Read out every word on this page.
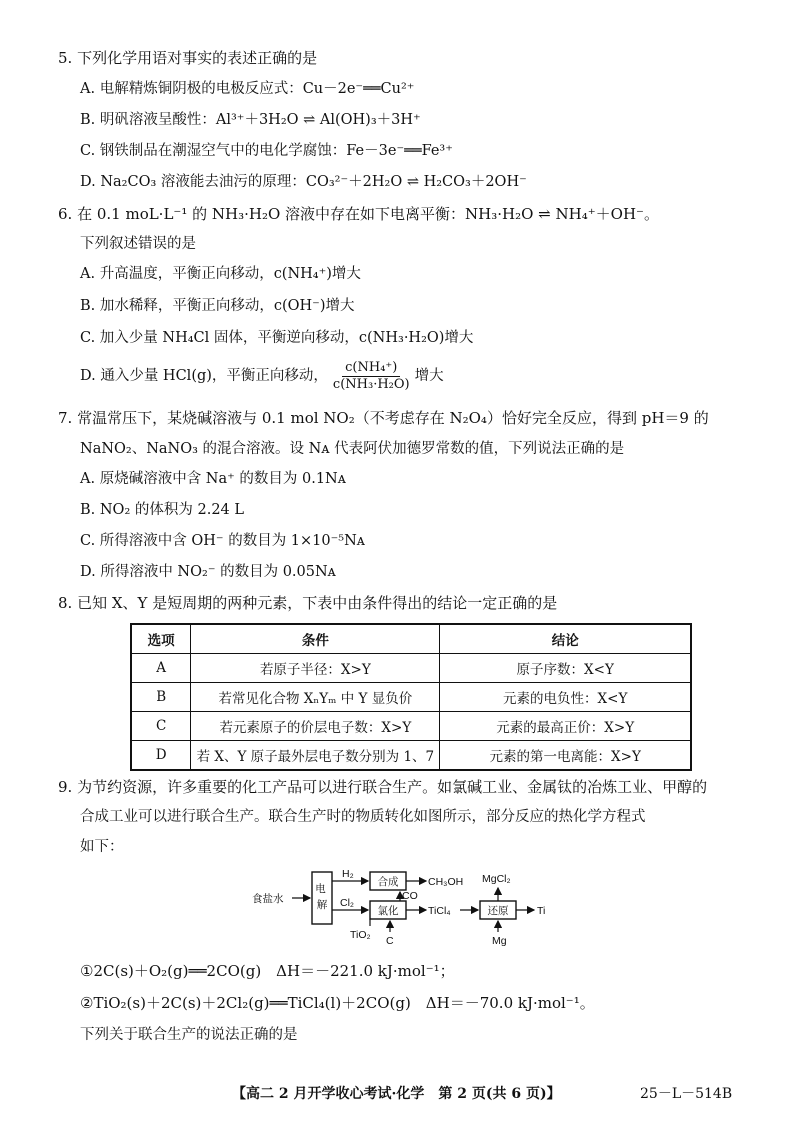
5. 下列化学用语对事实的表述正确的是
A. 电解精炼铜阴极的电极反应式：Cu－2e⁻══Cu²⁺
B. 明矾溶液呈酸性：Al³⁺＋3H₂O ⇌ Al(OH)₃＋3H⁺
C. 钢铁制品在潮湿空气中的电化学腐蚀：Fe－3e⁻══Fe³⁺
D. Na₂CO₃ 溶液能去油污的原理：CO₃²⁻＋2H₂O ⇌ H₂CO₃＋2OH⁻
6. 在 0.1 moL·L⁻¹ 的 NH₃·H₂O 溶液中存在如下电离平衡：NH₃·H₂O ⇌ NH₄⁺＋OH⁻。
下列叙述错误的是
A. 升高温度，平衡正向移动，c(NH₄⁺)增大
B. 加水稀释，平衡正向移动，c(OH⁻)增大
C. 加入少量 NH₄Cl 固体，平衡逆向移动，c(NH₃·H₂O)增大
D. 通入少量 HCl(g)，平衡正向移动， $\frac{\text{c(NH₄⁺)}}{\text{c(NH₃·H₂O)}}$ 增大
7. 常温常压下，某烧碱溶液与 0.1 mol NO₂（不考虑存在 N₂O₄）恰好完全反应，得到 pH＝9 的
NaNO₂、NaNO₃ 的混合溶液。设 Nᴀ 代表阿伏加德罗常数的值，下列说法正确的是
A. 原烧碱溶液中含 Na⁺ 的数目为 0.1Nᴀ
B. NO₂ 的体积为 2.24 L
C. 所得溶液中含 OH⁻ 的数目为 1×10⁻⁵Nᴀ
D. 所得溶液中 NO₂⁻ 的数目为 0.05Nᴀ
8. 已知 X、Y 是短周期的两种元素，下表中由条件得出的结论一定正确的是
选项	条件	结论
A	若原子半径：X>Y	原子序数：X<Y
B	若常见化合物 XₙYₘ 中 Y 显负价	元素的电负性：X<Y
C	若元素原子的价层电子数：X>Y	元素的最高正价：X>Y
D	若 X、Y 原子最外层电子数分别为 1、7	元素的第一电离能：X>Y
9. 为节约资源，许多重要的化工产品可以进行联合生产。如氯碱工业、金属钛的冶炼工业、甲醇的
合成工业可以进行联合生产。联合生产时的物质转化如图所示，部分反应的热化学方程式
如下：
食盐水
电 解
H₂
Cl₂
合成	CH₃OH
氯化
CO
TiO₂ C
TiCl₄	还原
MgCl₂
Mg
Ti
①2C(s)＋O₂(g)══2CO(g)　ΔH＝－221.0 kJ·mol⁻¹；
②TiO₂(s)＋2C(s)＋2Cl₂(g)══TiCl₄(l)＋2CO(g)　ΔH＝－70.0 kJ·mol⁻¹。
下列关于联合生产的说法正确的是
【高二 2 月开学收心考试·化学　第 2 页(共 6 页)】	25－L－514B
